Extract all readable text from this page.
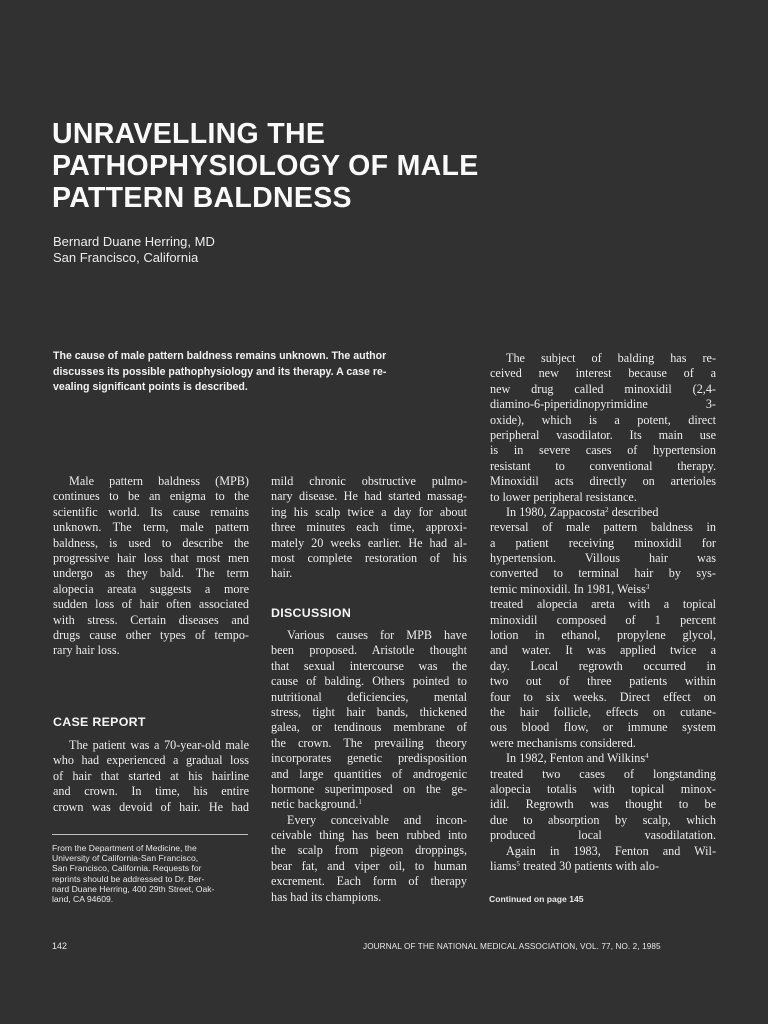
UNRAVELLING THE
PATHOPHYSIOLOGY OF MALE
PATTERN BALDNESS
Bernard Duane Herring, MD
San Francisco, California
The cause of male pattern baldness remains unknown. The author
discusses its possible pathophysiology and its therapy. A case re-
vealing significant points is described.
Male pattern baldness (MPB)
continues to be an enigma to the
scientific world. Its cause remains
unknown. The term, male pattern
baldness, is used to describe the
progressive hair loss that most men
undergo as they bald. The term
alopecia areata suggests a more
sudden loss of hair often associated
with stress. Certain diseases and
drugs cause other types of tempo-
rary hair loss.
CASE REPORT
The patient was a 70-year-old male
who had experienced a gradual loss
of hair that started at his hairline
and crown. In time, his entire
crown was devoid of hair. He had
From the Department of Medicine, the
University of California-San Francisco,
San Francisco, California. Requests for
reprints should be addressed to Dr. Ber-
nard Duane Herring, 400 29th Street, Oak-
land, CA 94609.
mild chronic obstructive pulmo-
nary disease. He had started massag-
ing his scalp twice a day for about
three minutes each time, approxi-
mately 20 weeks earlier. He had al-
most complete restoration of his
hair.
DISCUSSION
Various causes for MPB have
been proposed. Aristotle thought
that sexual intercourse was the
cause of balding. Others pointed to
nutritional deficiencies, mental
stress, tight hair bands, thickened
galea, or tendinous membrane of
the crown. The prevailing theory
incorporates genetic predisposition
and large quantities of androgenic
hormone superimposed on the ge-
netic background.$^1$
Every conceivable and incon-
ceivable thing has been rubbed into
the scalp from pigeon droppings,
bear fat, and viper oil, to human
excrement. Each form of therapy
has had its champions.
The subject of balding has re-
ceived new interest because of a
new drug called minoxidil (2,4-
diamino-6-piperidinopyrimidine 3-
oxide), which is a potent, direct
peripheral vasodilator. Its main use
is in severe cases of hypertension
resistant to conventional therapy.
Minoxidil acts directly on arterioles
to lower peripheral resistance.
In 1980, Zappacosta$^2$ described
reversal of male pattern baldness in
a patient receiving minoxidil for
hypertension. Villous hair was
converted to terminal hair by sys-
temic minoxidil. In 1981, Weiss$^3$
treated alopecia areta with a topical
minoxidil composed of 1 percent
lotion in ethanol, propylene glycol,
and water. It was applied twice a
day. Local regrowth occurred in
two out of three patients within
four to six weeks. Direct effect on
the hair follicle, effects on cutane-
ous blood flow, or immune system
were mechanisms considered.
In 1982, Fenton and Wilkins$^4$
treated two cases of longstanding
alopecia totalis with topical minox-
idil. Regrowth was thought to be
due to absorption by scalp, which
produced local vasodilatation.
Again in 1983, Fenton and Wil-
liams$^5$ treated 30 patients with alo-
Continued on page 145
142	JOURNAL OF THE NATIONAL MEDICAL ASSOCIATION, VOL. 77, NO. 2, 1985
